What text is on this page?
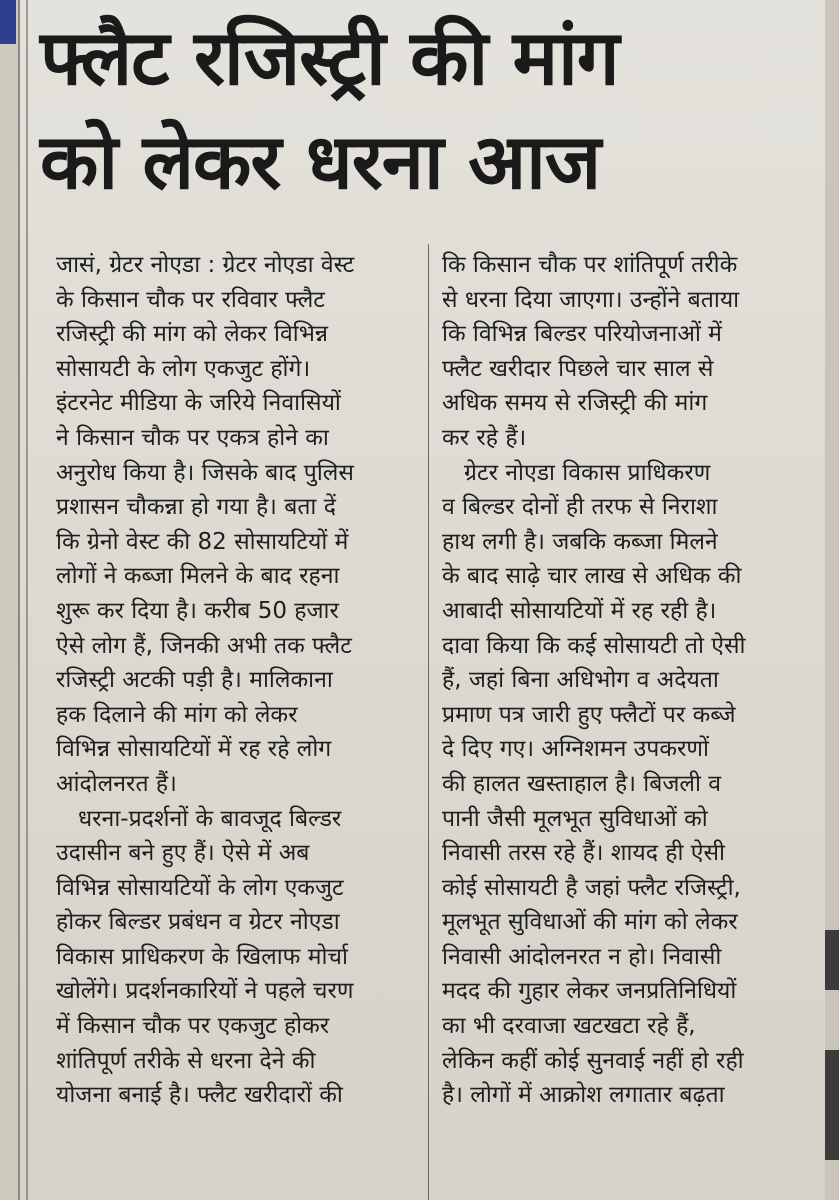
फ्लैट रजिस्ट्री की मांग
को लेकर धरना आज
जासं, ग्रेटर नोएडा : ग्रेटर नोएडा वेस्ट
के किसान चौक पर रविवार फ्लैट
रजिस्ट्री की मांग को लेकर विभिन्न
सोसायटी के लोग एकजुट होंगे।
इंटरनेट मीडिया के जरिये निवासियों
ने किसान चौक पर एकत्र होने का
अनुरोध किया है। जिसके बाद पुलिस
प्रशासन चौकन्ना हो गया है। बता दें
कि ग्रेनो वेस्ट की 82 सोसायटियों में
लोगों ने कब्जा मिलने के बाद रहना
शुरू कर दिया है। करीब 50 हजार
ऐसे लोग हैं, जिनकी अभी तक फ्लैट
रजिस्ट्री अटकी पड़ी है। मालिकाना
हक दिलाने की मांग को लेकर
विभिन्न सोसायटियों में रह रहे लोग
आंदोलनरत हैं।
धरना-प्रदर्शनों के बावजूद बिल्डर
उदासीन बने हुए हैं। ऐसे में अब
विभिन्न सोसायटियों के लोग एकजुट
होकर बिल्डर प्रबंधन व ग्रेटर नोएडा
विकास प्राधिकरण के खिलाफ मोर्चा
खोलेंगे। प्रदर्शनकारियों ने पहले चरण
में किसान चौक पर एकजुट होकर
शांतिपूर्ण तरीके से धरना देने की
योजना बनाई है। फ्लैट खरीदारों की
कि किसान चौक पर शांतिपूर्ण तरीके
से धरना दिया जाएगा। उन्होंने बताया
कि विभिन्न बिल्डर परियोजनाओं में
फ्लैट खरीदार पिछले चार साल से
अधिक समय से रजिस्ट्री की मांग
कर रहे हैं।
ग्रेटर नोएडा विकास प्राधिकरण
व बिल्डर दोनों ही तरफ से निराशा
हाथ लगी है। जबकि कब्जा मिलने
के बाद साढ़े चार लाख से अधिक की
आबादी सोसायटियों में रह रही है।
दावा किया कि कई सोसायटी तो ऐसी
हैं, जहां बिना अधिभोग व अदेयता
प्रमाण पत्र जारी हुए फ्लैटों पर कब्जे
दे दिए गए। अग्निशमन उपकरणों
की हालत खस्ताहाल है। बिजली व
पानी जैसी मूलभूत सुविधाओं को
निवासी तरस रहे हैं। शायद ही ऐसी
कोई सोसायटी है जहां फ्लैट रजिस्ट्री,
मूलभूत सुविधाओं की मांग को लेकर
निवासी आंदोलनरत न हो। निवासी
मदद की गुहार लेकर जनप्रतिनिधियों
का भी दरवाजा खटखटा रहे हैं,
लेकिन कहीं कोई सुनवाई नहीं हो रही
है। लोगों में आक्रोश लगातार बढ़ता
